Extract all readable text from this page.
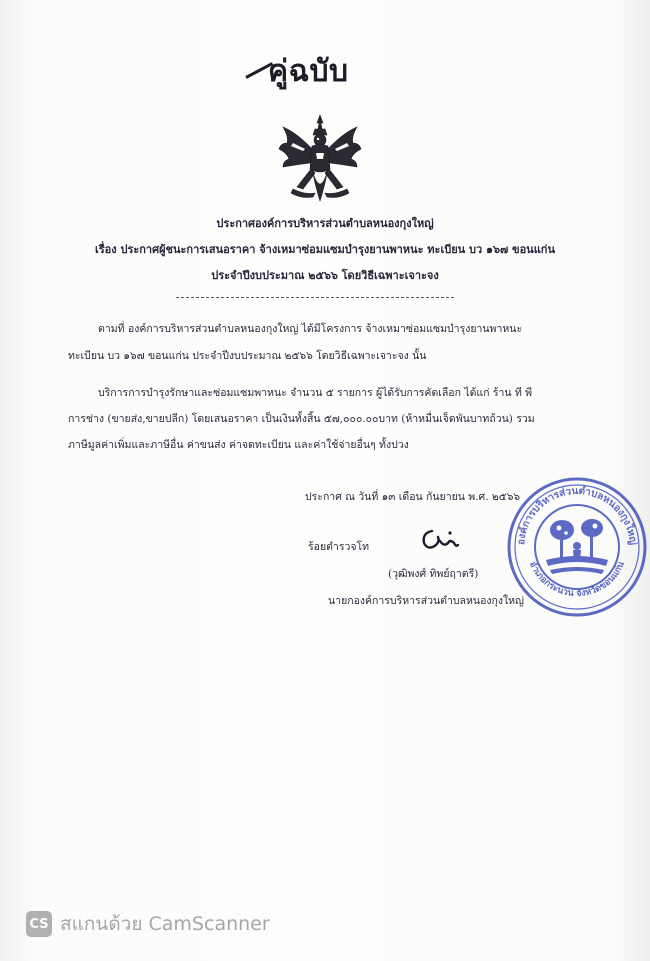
คู่ฉบับ
ประกาศองค์การบริหารส่วนตำบลหนองกุงใหญ่
เรื่อง ประกาศผู้ชนะการเสนอราคา จ้างเหมาซ่อมแซมบำรุงยานพาหนะ ทะเบียน บว ๑๖๗ ขอนแก่น
ประจำปีงบประมาณ ๒๕๖๖ โดยวิธีเฉพาะเจาะจง
ตามที่ องค์การบริหารส่วนตำบลหนองกุงใหญ่ ได้มีโครงการ จ้างเหมาซ่อมแซมบำรุงยานพาหนะ
ทะเบียน บว ๑๖๗ ขอนแก่น ประจำปีงบประมาณ ๒๕๖๖ โดยวิธีเฉพาะเจาะจง นั้น
บริการการบำรุงรักษาและซ่อมแซมพาหนะ จำนวน ๕ รายการ ผู้ได้รับการคัดเลือก ได้แก่ ร้าน ที พี
การช่าง (ขายส่ง,ขายปลีก) โดยเสนอราคา เป็นเงินทั้งสิ้น ๕๗,๐๐๐.๐๐บาท (ห้าหมื่นเจ็ดพันบาทถ้วน) รวม
ภาษีมูลค่าเพิ่มและภาษีอื่น ค่าขนส่ง ค่าจดทะเบียน และค่าใช้จ่ายอื่นๆ ทั้งปวง
ประกาศ ณ วันที่ ๑๓ เดือน กันยายน พ.ศ. ๒๕๖๖
ร้อยตำรวจโท
(วุฒิพงศ์ ทิพย์ฤาตรี)
นายกองค์การบริหารส่วนตำบลหนองกุงใหญ่
องค์การบริหารส่วนตำบลหนองกุงใหญ่
อำเภอกระนวน จังหวัดขอนแก่น
CS สแกนด้วย CamScanner
